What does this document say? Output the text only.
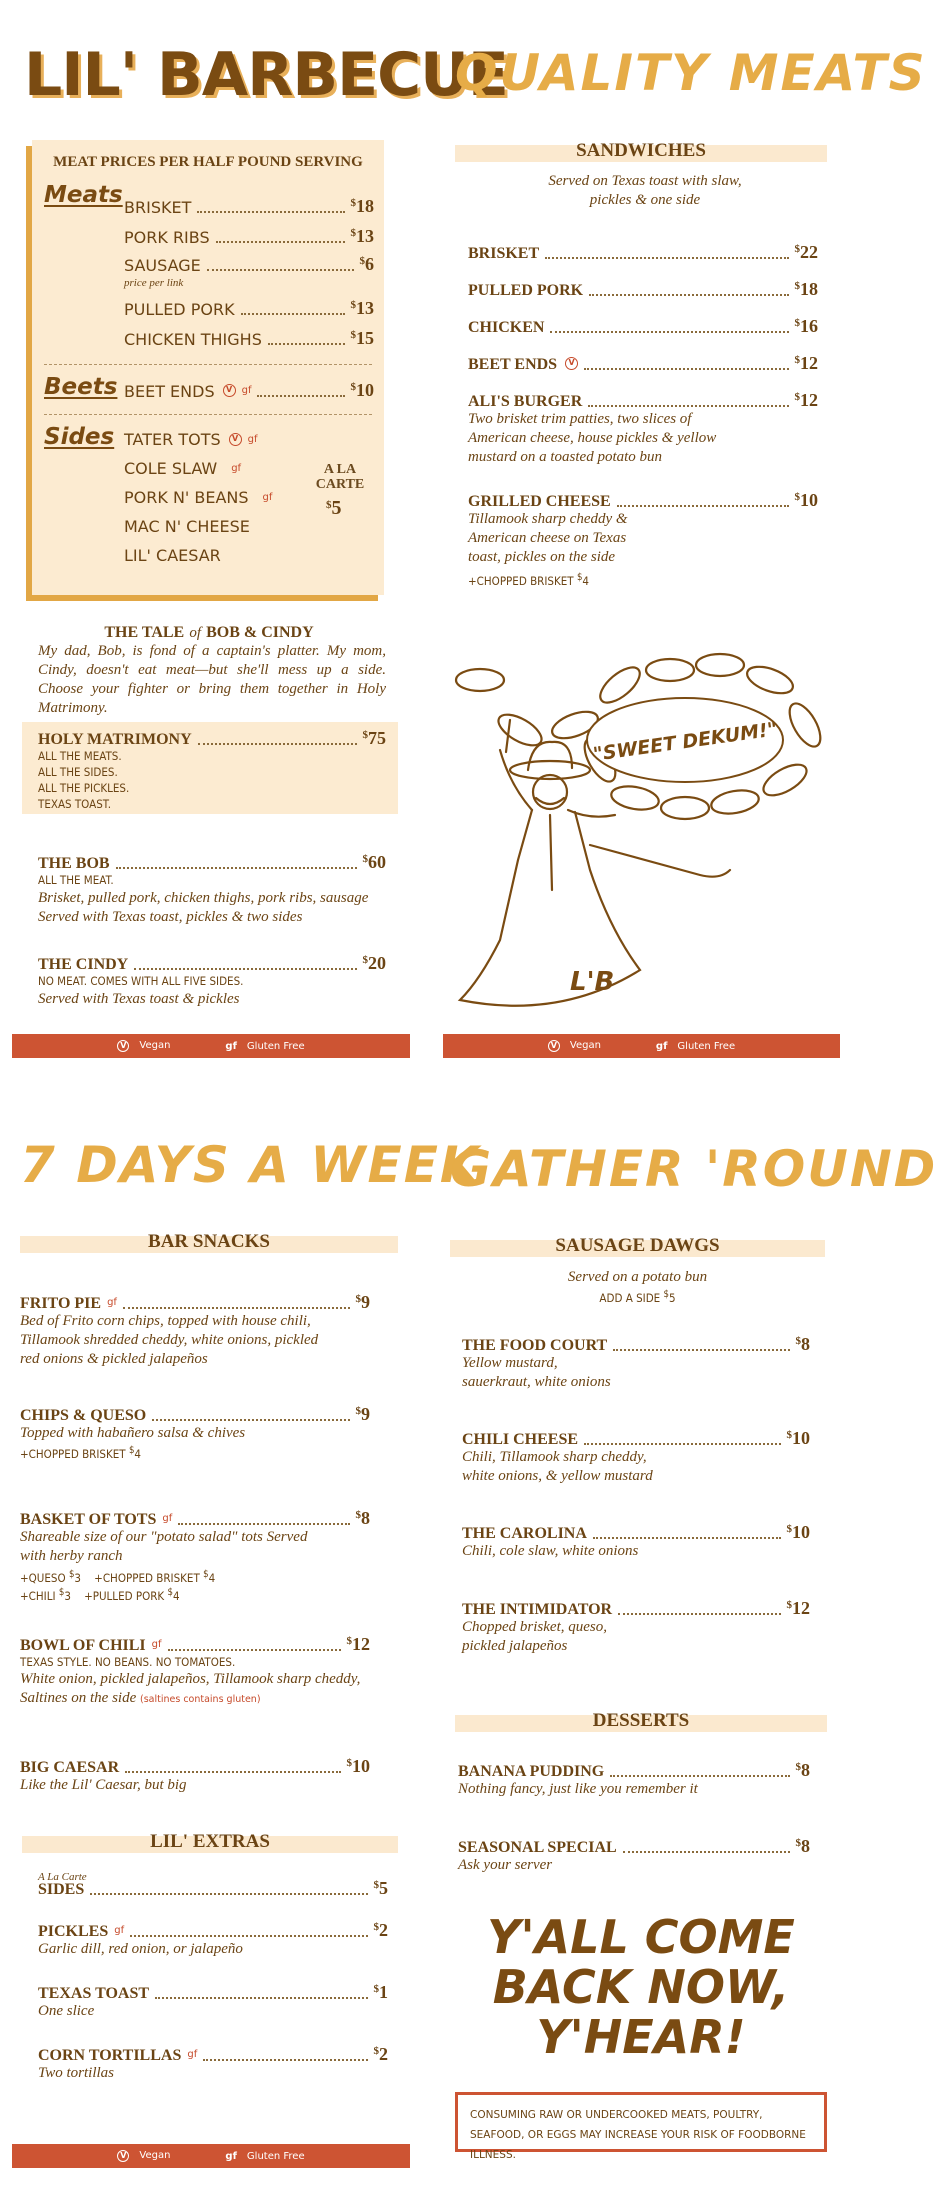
LIL' BARBECUE
MEAT PRICES PER HALF POUND SERVING
Meats BRISKET	$18
PORK RIBS	$13
SAUSAGE	$6
price per link
PULLED PORK	$13
CHICKEN THIGHS	$15
Beets BEET ENDS	V gf	$10
Sides TATER TOTS	V gf
COLE SLAW gf
PORK N' BEANS gf
MAC N' CHEESE
LIL' CAESAR
A LA CARTE
$5
THE TALE of BOB & CINDY
My dad, Bob, is fond of a captain's platter. My mom, Cindy, doesn't eat meat—but she'll mess up a side. Choose your fighter or bring them together in Holy Matrimony.
HOLY MATRIMONY	$75
ALL THE MEATS.
ALL THE SIDES.
ALL THE PICKLES.
TEXAS TOAST.
THE BOB	$60
ALL THE MEAT.
Brisket, pulled pork, chicken thighs, pork ribs, sausage Served with Texas toast, pickles & two sides
THE CINDY	$20
NO MEAT. COMES WITH ALL FIVE SIDES.
Served with Texas toast & pickles
V Vegan	gf Gluten Free
QUALITY MEATS
SANDWICHES
Served on Texas toast with slaw, pickles & one side
BRISKET	$22
PULLED PORK	$18
CHICKEN	$16
BEET ENDS	V	$12
ALI'S BURGER	$12
Two brisket trim patties, two slices of American cheese, house pickles & yellow mustard on a toasted potato bun
GRILLED CHEESE	$10
Tillamook sharp cheddy & American cheese on Texas toast, pickles on the side
+CHOPPED BRISKET $4
"SWEET DEKUM!"
L'B
V Vegan	gf Gluten Free
7 DAYS A WEEK
BAR SNACKS
FRITO PIE gf	$9
Bed of Frito corn chips, topped with house chili, Tillamook shredded cheddy, white onions, pickled red onions & pickled jalapeños
CHIPS & QUESO	$9
Topped with habañero salsa & chives
+CHOPPED BRISKET $4
BASKET OF TOTS gf	$8
Shareable size of our "potato salad" tots Served with herby ranch
+QUESO $3 +CHOPPED BRISKET $4
+CHILI $3 +PULLED PORK $4
BOWL OF CHILI gf	$12
TEXAS STYLE. NO BEANS. NO TOMATOES.
White onion, pickled jalapeños, Tillamook sharp cheddy, Saltines on the side (saltines contains gluten)
BIG CAESAR	$10
Like the Lil' Caesar, but big
LIL' EXTRAS
A La Carte
SIDES	$5
PICKLES gf	$2
Garlic dill, red onion, or jalapeño
TEXAS TOAST	$1
One slice
CORN TORTILLAS gf	$2
Two tortillas
V Vegan	gf Gluten Free
GATHER 'ROUND
SAUSAGE DAWGS
Served on a potato bun
ADD A SIDE $5
THE FOOD COURT	$8
Yellow mustard, sauerkraut, white onions
CHILI CHEESE	$10
Chili, Tillamook sharp cheddy, white onions, & yellow mustard
THE CAROLINA	$10
Chili, cole slaw, white onions
THE INTIMIDATOR	$12
Chopped brisket, queso, pickled jalapeños
DESSERTS
BANANA PUDDING	$8
Nothing fancy, just like you remember it
SEASONAL SPECIAL	$8
Ask your server
Y'ALL COME
BACK NOW,
Y'HEAR!
CONSUMING RAW OR UNDERCOOKED MEATS, POULTRY, SEAFOOD, OR EGGS MAY INCREASE YOUR RISK OF FOODBORNE ILLNESS.
